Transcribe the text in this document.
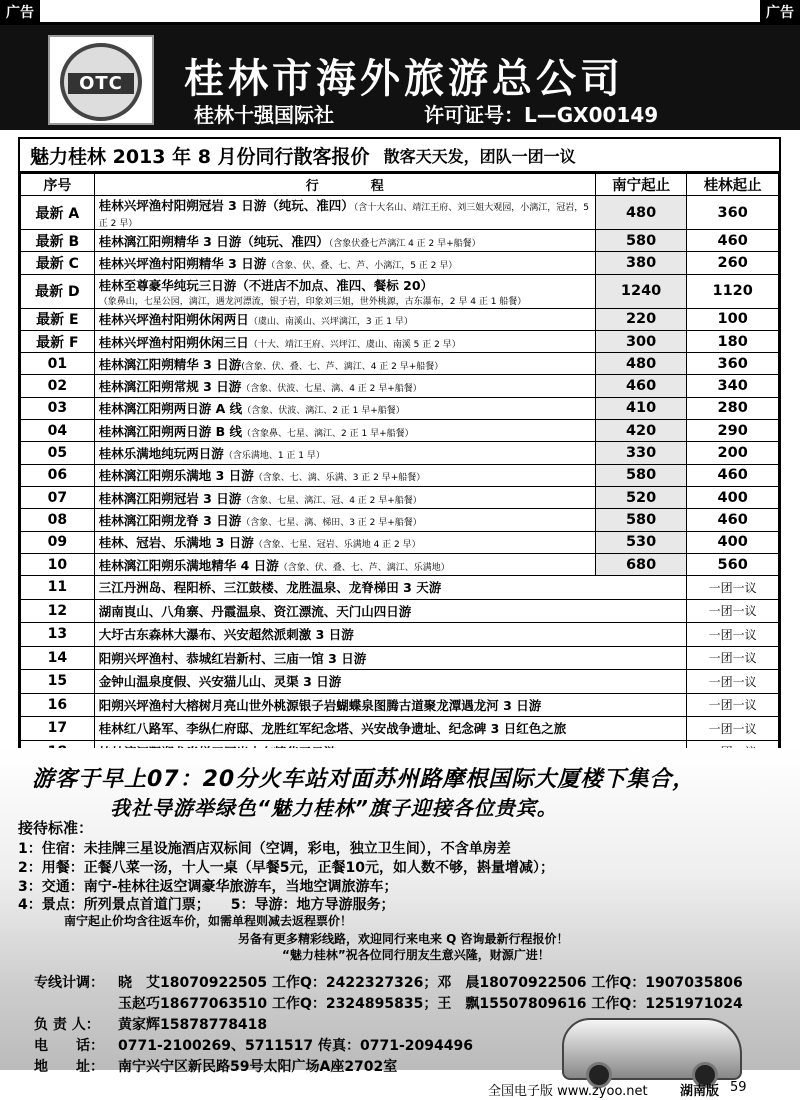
广告	广告
OTC 桂林市海外旅游总公司
桂林十强国际社	许可证号：L—GX00149
魅力桂林 2013 年 8 月份同行散客报价 散客天天发，团队一团一议
序号	行　　　　程	南宁起止	桂林起止
最新 A	桂林兴坪渔村阳朔冠岩 3 日游（纯玩、准四）（含十大名山、靖江王府、刘三姐大观园，小漓江，冠岩，5 正 2 早）	480	360
最新 B	桂林漓江阳朔精华 3 日游（纯玩、准四）（含象伏叠七芦漓江 4 正 2 早+船餐）	580	460
最新 C	桂林兴坪渔村阳朔精华 3 日游（含象、伏、叠、七、芦、小漓江，5 正 2 早）	380	260
最新 D	桂林至尊豪华纯玩三日游（不进店不加点、准四、餐标 20）
（象鼻山，七星公园，漓江，遇龙河漂流，银子岩，印象刘三姐，世外桃源，古东瀑布，2 早 4 正 1 船餐）	1240	1120
最新 E	桂林兴坪渔村阳朔休闲两日（虞山、南溪山、兴坪漓江，3 正 1 早）	220	100
最新 F	桂林兴坪渔村阳朔休闲三日（十大、靖江王府、兴坪江、虞山、南溪 5 正 2 早）	300	180
01	桂林漓江阳朔精华 3 日游(含象、伏、叠、七、芦、漓江、4 正 2 早+船餐）	480	360
02	桂林漓江阳朔常规 3 日游（含象、伏波、七星、漓、4 正 2 早+船餐）	460	340
03	桂林漓江阳朔两日游 A 线（含象、伏波、漓江、2 正 1 早+船餐）	410	280
04	桂林漓江阳朔两日游 B 线（含象鼻、七星、漓江、2 正 1 早+船餐）	420	290
05	桂林乐满地纯玩两日游（含乐满地、1 正 1 早）	330	200
06	桂林漓江阳朔乐满地 3 日游（含象、七、漓、乐满、3 正 2 早+船餐）	580	460
07	桂林漓江阳朔冠岩 3 日游（含象、七星、漓江、冠、4 正 2 早+船餐）	520	400
08	桂林漓江阳朔龙脊 3 日游（含象、七星、漓、梯田、3 正 2 早+船餐）	580	460
09	桂林、冠岩、乐满地 3 日游（含象、七星、冠岩、乐满地 4 正 2 早）	530	400
10	桂林漓江阳朔乐满地精华 4 日游（含象、伏、叠、七、芦、漓江、乐满地）	680	560
11	三江丹洲岛、程阳桥、三江鼓楼、龙胜温泉、龙脊梯田 3 天游		一团一议
12	湖南崀山、八角寨、丹霞温泉、资江漂流、天门山四日游		一团一议
13	大圩古东森林大瀑布、兴安超然派刺激 3 日游		一团一议
14	阳朔兴坪渔村、恭城红岩新村、三庙一馆 3 日游		一团一议
15	金钟山温泉度假、兴安猫儿山、灵渠 3 日游		一团一议
16	阳朔兴坪渔村大榕树月亮山世外桃源银子岩蝴蝶泉图腾古道聚龙潭遇龙河 3 日游		一团一议
17	桂林红八路军、李纵仁府邸、龙胜红军纪念塔、兴安战争遗址、纪念碑 3 日红色之旅		一团一议

游客于早上07：20分火车站对面苏州路摩根国际大厦楼下集合，
我社导游举绿色“魅力桂林”旗子迎接各位贵宾。
接待标准：
1：住宿：未挂牌三星设施酒店双标间（空调，彩电，独立卫生间），不含单房差
2：用餐：正餐八菜一汤，十人一桌（早餐5元，正餐10元，如人数不够，斟量增减）；
3：交通：南宁-桂林往返空调豪华旅游车，当地空调旅游车；
4：景点：所列景点首道门票；　　5：导游：地方导游服务；
南宁起止价均含往返车价，如需单程则减去返程票价！
另备有更多精彩线路，欢迎同行来电来 Q 咨询最新行程报价！
“魅力桂林”祝各位同行朋友生意兴隆，财源广进！
专线计调： 晓　艾18070922505 工作Q：2422327326；邓　晨18070922506 工作Q：1907035806
玉赵巧18677063510 工作Q：2324895835；王　飘15507809616 工作Q：1251971024
负 责 人： 黄家辉15878778418
电　　话： 0771-2100269、5711517 传真：0771-2094496
地　　址： 南宁兴宁区新民路59号太阳广场A座2702室
全国电子版 www.zyoo.net 湖南版 59
